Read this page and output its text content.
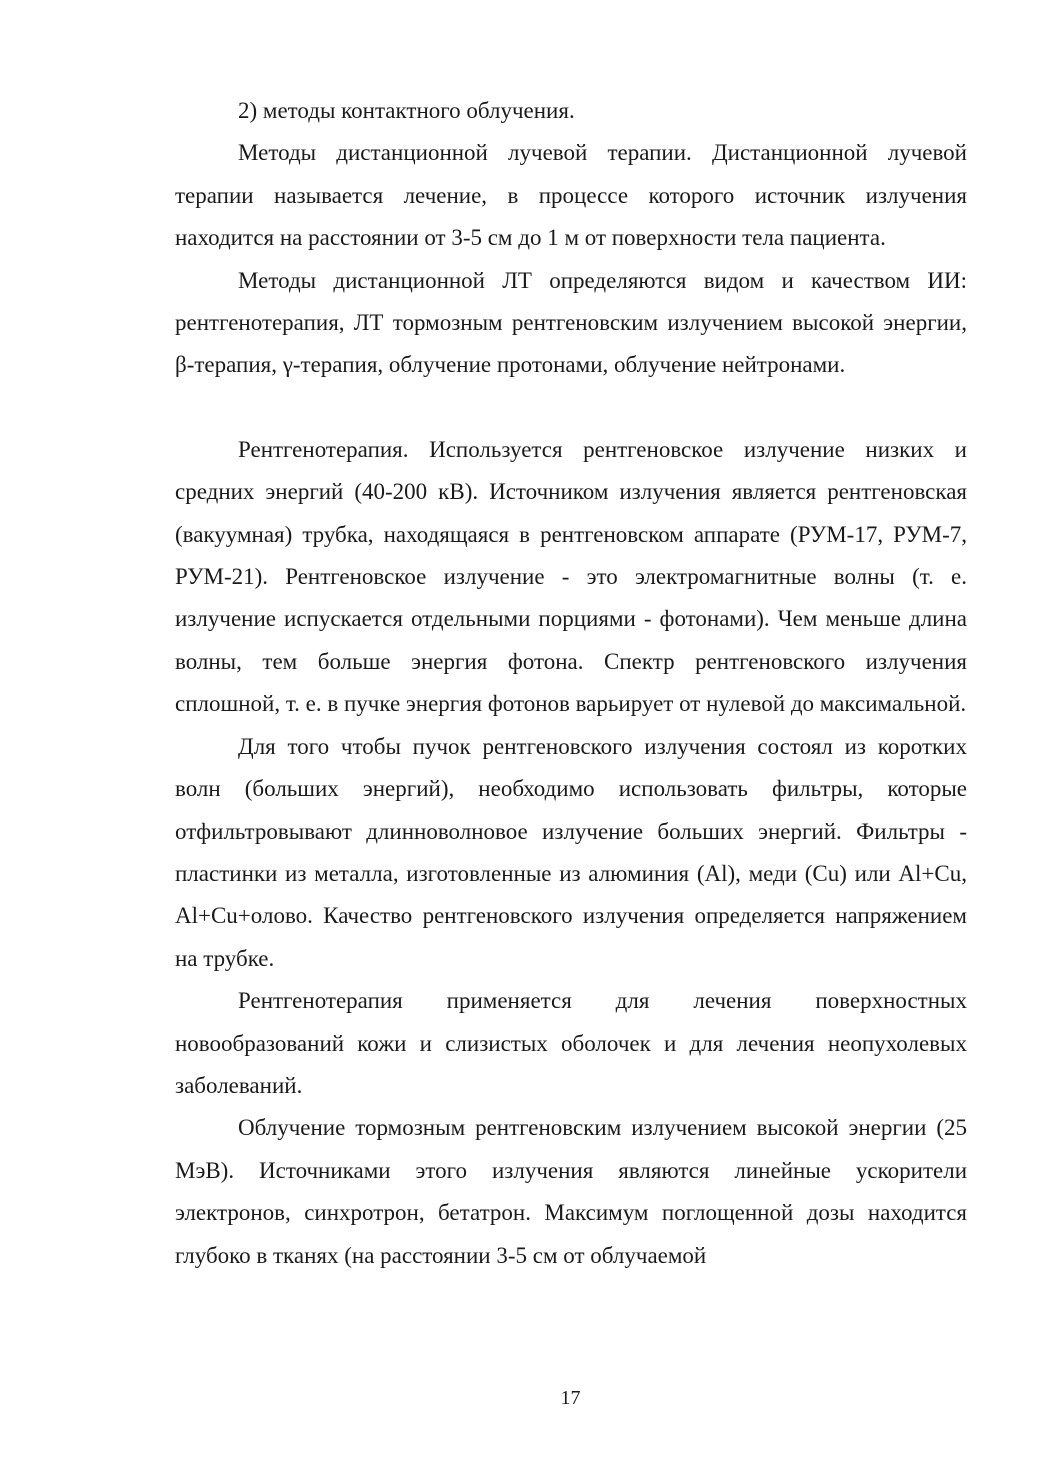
2) методы контактного облучения.

Методы дистанционной лучевой терапии. Дистанционной лучевой терапии называется лечение, в процессе которого источник излучения находится на расстоянии от 3-5 см до 1 м от поверхности тела пациента.

Методы дистанционной ЛТ определяются видом и качеством ИИ: рентгенотерапия, ЛТ тормозным рентгеновским излучением высокой энергии, β-терапия, γ-терапия, облучение протонами, облучение нейтронами.

Рентгенотерапия. Используется рентгеновское излучение низких и средних энергий (40-200 кВ). Источником излучения является рентгеновская (вакуумная) трубка, находящаяся в рентгеновском аппарате (РУМ-17, РУМ-7, РУМ-21). Рентгеновское излучение - это электромагнитные волны (т. е. излучение испускается отдельными порциями - фотонами). Чем меньше длина волны, тем больше энергия фотона. Спектр рентгеновского излучения сплошной, т. е. в пучке энергия фотонов варьирует от нулевой до максимальной.

Для того чтобы пучок рентгеновского излучения состоял из коротких волн (больших энергий), необходимо использовать фильтры, которые отфильтровывают длинноволновое излучение больших энергий. Фильтры - пластинки из металла, изготовленные из алюминия (Al), меди (Cu) или Al+Cu, Al+Cu+олово. Качество рентгеновского излучения определяется напряжением на трубке.

Рентгенотерапия применяется для лечения поверхностных новообразований кожи и слизистых оболочек и для лечения неопухолевых заболеваний.

Облучение тормозным рентгеновским излучением высокой энергии (25 МэВ). Источниками этого излучения являются линейные ускорители электронов, синхротрон, бетатрон. Максимум поглощенной дозы находится глубоко в тканях (на расстоянии 3-5 см от облучаемой

17
